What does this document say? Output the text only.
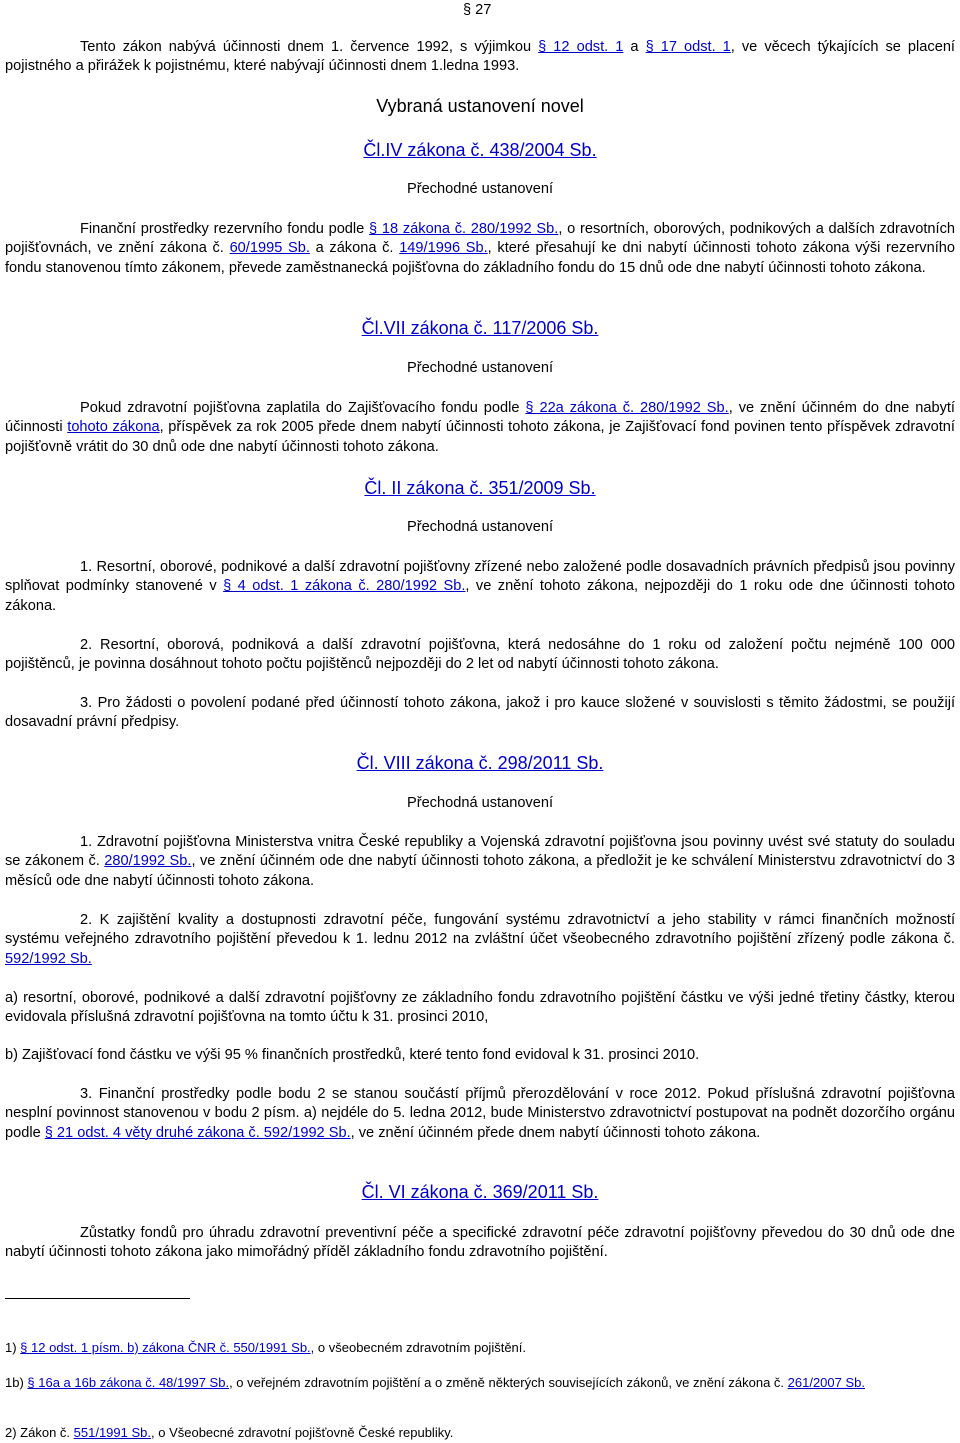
§ 27

Tento zákon nabývá účinnosti dnem 1. července 1992, s výjimkou § 12 odst. 1 a § 17 odst. 1, ve věcech týkajících se placení pojistného a přirážek k pojistnému, které nabývají účinnosti dnem 1.ledna 1993.

Vybraná ustanovení novel
Čl.IV zákona č. 438/2004 Sb.
Přechodné ustanovení

Finanční prostředky rezervního fondu podle § 18 zákona č. 280/1992 Sb., o resortních, oborových, podnikových a dalších zdravotních pojišťovnách, ve znění zákona č. 60/1995 Sb. a zákona č. 149/1996 Sb., které přesahují ke dni nabytí účinnosti tohoto zákona výši rezervního fondu stanovenou tímto zákonem, převede zaměstnanecká pojišťovna do základního fondu do 15 dnů ode dne nabytí účinnosti tohoto zákona.

Čl.VII zákona č. 117/2006 Sb.
Přechodné ustanovení

Pokud zdravotní pojišťovna zaplatila do Zajišťovacího fondu podle § 22a zákona č. 280/1992 Sb., ve znění účinném do dne nabytí účinnosti tohoto zákona, příspěvek za rok 2005 přede dnem nabytí účinnosti tohoto zákona, je Zajišťovací fond povinen tento příspěvek zdravotní pojišťovně vrátit do 30 dnů ode dne nabytí účinnosti tohoto zákona.

Čl. II zákona č. 351/2009 Sb.
Přechodná ustanovení

1. Resortní, oborové, podnikové a další zdravotní pojišťovny zřízené nebo založené podle dosavadních právních předpisů jsou povinny splňovat podmínky stanovené v § 4 odst. 1 zákona č. 280/1992 Sb., ve znění tohoto zákona, nejpozději do 1 roku ode dne účinnosti tohoto zákona.

2. Resortní, oborová, podniková a další zdravotní pojišťovna, která nedosáhne do 1 roku od založení počtu nejméně 100 000 pojištěnců, je povinna dosáhnout tohoto počtu pojištěnců nejpozději do 2 let od nabytí účinnosti tohoto zákona.

3. Pro žádosti o povolení podané před účinností tohoto zákona, jakož i pro kauce složené v souvislosti s těmito žádostmi, se použijí dosavadní právní předpisy.

Čl. VIII zákona č. 298/2011 Sb.
Přechodná ustanovení

1. Zdravotní pojišťovna Ministerstva vnitra České republiky a Vojenská zdravotní pojišťovna jsou povinny uvést své statuty do souladu se zákonem č. 280/1992 Sb., ve znění účinném ode dne nabytí účinnosti tohoto zákona, a předložit je ke schválení Ministerstvu zdravotnictví do 3 měsíců ode dne nabytí účinnosti tohoto zákona.

2. K zajištění kvality a dostupnosti zdravotní péče, fungování systému zdravotnictví a jeho stability v rámci finančních možností systému veřejného zdravotního pojištění převedou k 1. lednu 2012 na zvláštní účet všeobecného zdravotního pojištění zřízený podle zákona č. 592/1992 Sb.

a) resortní, oborové, podnikové a další zdravotní pojišťovny ze základního fondu zdravotního pojištění částku ve výši jedné třetiny částky, kterou evidovala příslušná zdravotní pojišťovna na tomto účtu k 31. prosinci 2010,

b) Zajišťovací fond částku ve výši 95 % finančních prostředků, které tento fond evidoval k 31. prosinci 2010.

3. Finanční prostředky podle bodu 2 se stanou součástí příjmů přerozdělování v roce 2012. Pokud příslušná zdravotní pojišťovna nesplní povinnost stanovenou v bodu 2 písm. a) nejdéle do 5. ledna 2012, bude Ministerstvo zdravotnictví postupovat na podnět dozorčího orgánu podle § 21 odst. 4 věty druhé zákona č. 592/1992 Sb., ve znění účinném přede dnem nabytí účinnosti tohoto zákona.

Čl. VI zákona č. 369/2011 Sb.

Zůstatky fondů pro úhradu zdravotní preventivní péče a specifické zdravotní péče zdravotní pojišťovny převedou do 30 dnů ode dne nabytí účinnosti tohoto zákona jako mimořádný příděl základního fondu zdravotního pojištění.

1) § 12 odst. 1 písm. b) zákona ČNR č. 550/1991 Sb., o všeobecném zdravotním pojištění.

1b) § 16a a 16b zákona č. 48/1997 Sb., o veřejném zdravotním pojištění a o změně některých souvisejících zákonů, ve znění zákona č. 261/2007 Sb.

2) Zákon č. 551/1991 Sb., o Všeobecné zdravotní pojišťovně České republiky.
